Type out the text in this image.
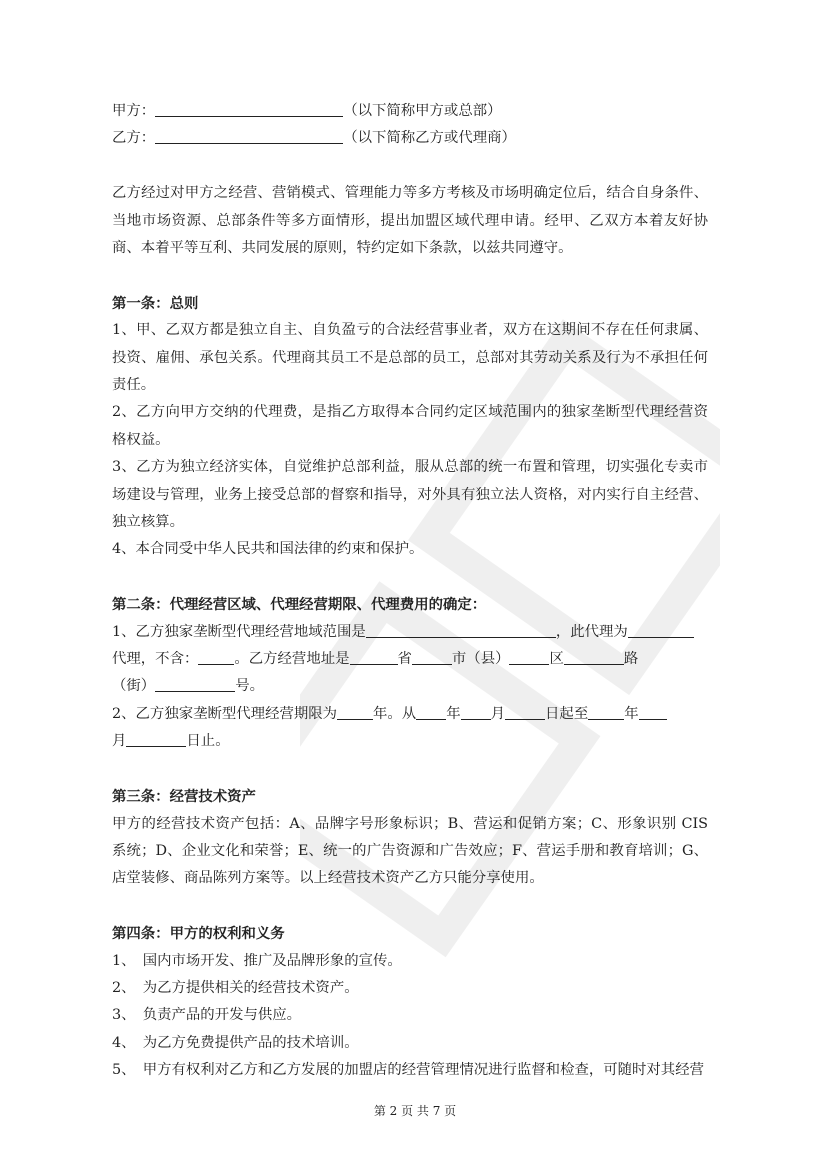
甲方：	（以下简称甲方或总部）

乙方：	（以下简称乙方或代理商）

乙方经过对甲方之经营、营销模式、管理能力等多方考核及市场明确定位后，结合自身条件、当地市场资源、总部条件等多方面情形，提出加盟区域代理申请。经甲、乙双方本着友好协商、本着平等互利、共同发展的原则，特约定如下条款，以兹共同遵守。

第一条：总则

1、甲、乙双方都是独立自主、自负盈亏的合法经营事业者，双方在这期间不存在任何隶属、投资、雇佣、承包关系。代理商其员工不是总部的员工，总部对其劳动关系及行为不承担任何责任。

2、乙方向甲方交纳的代理费，是指乙方取得本合同约定区域范围内的独家垄断型代理经营资格权益。

3、乙方为独立经济实体，自觉维护总部利益，服从总部的统一布置和管理，切实强化专卖市场建设与管理，业务上接受总部的督察和指导，对外具有独立法人资格，对内实行自主经营、独立核算。

4、本合同受中华人民共和国法律的约束和保护。

第二条：代理经营区域、代理经营期限、代理费用的确定：

1、乙方独家垄断型代理经营地域范围是	，此代理为

代理，不含：	。乙方经营地址是	省	市（县）	区	路

（街）	号。

2、乙方独家垄断型代理经营期限为	年。从 年 月	日起至	年

月	日止。

第三条：经营技术资产

甲方的经营技术资产包括：A、品牌字号形象标识；B、营运和促销方案；C、形象识别 CIS 系统；D、企业文化和荣誉；E、统一的广告资源和广告效应；F、营运手册和教育培训；G、店堂装修、商品陈列方案等。以上经营技术资产乙方只能分享使用。

第四条：甲方的权利和义务

1、　国内市场开发、推广及品牌形象的宣传。

2、　为乙方提供相关的经营技术资产。

3、　负责产品的开发与供应。

4、　为乙方免费提供产品的技术培训。

5、　甲方有权利对乙方和乙方发展的加盟店的经营管理情况进行监督和检查，可随时对其经营

第 2 页 共 7 页
